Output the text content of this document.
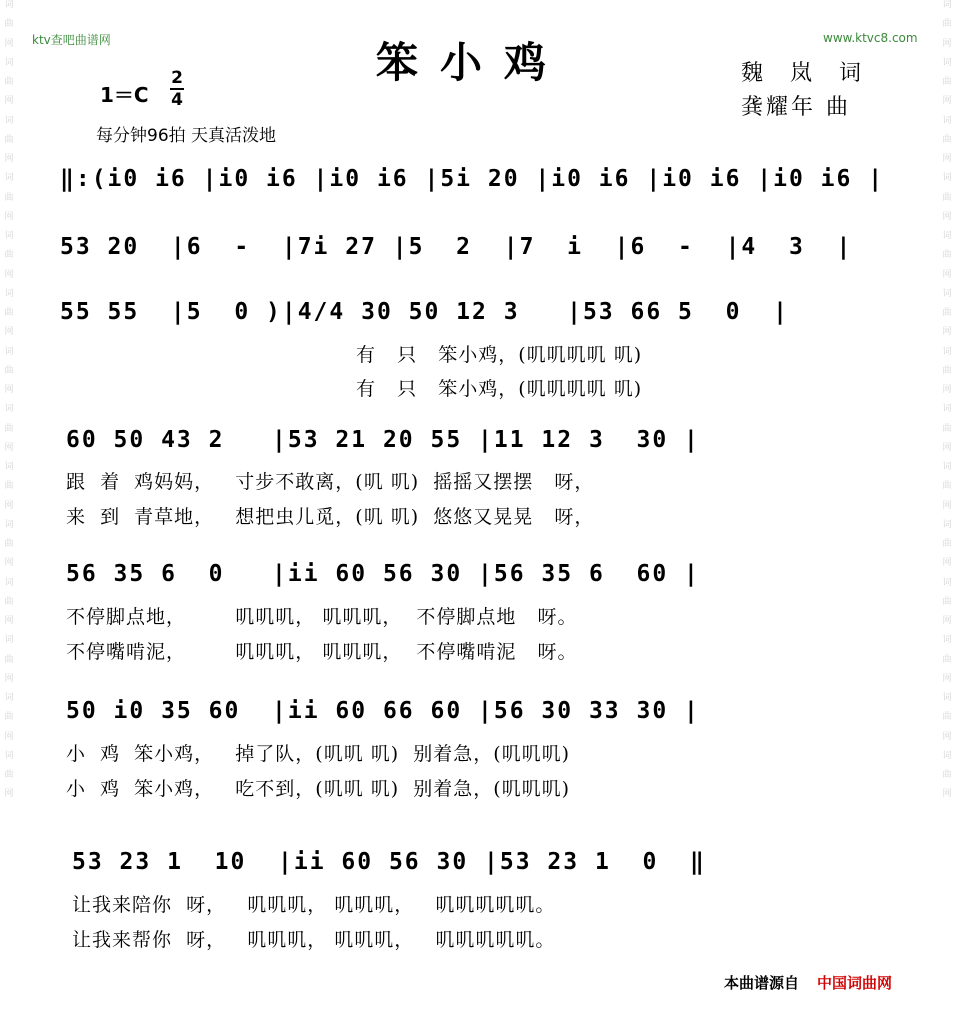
词
曲
网
词
曲
网
词
曲
网
词
曲
网
词
曲
网
词
曲
网
词
曲
网
词
曲
网
词
曲
网
词
曲
网
词
曲
网
词
曲
网
词
曲
网
词
曲
网
词
曲
网
词
曲
网
词
曲
网
词
曲
网
词
曲
网
词
曲
网
词
曲
网
词
曲
网
词
曲
网
词
曲
网
词
曲
网
词
曲
网
词
曲
网
词
曲
网
ktv查吧曲谱网	www.ktvc8.com
笨小鸡	魏 岚 词
龚耀年 曲
1＝C
2
4
每分钟96拍 天真活泼地
‖:(i0 i6 |i0 i6 |i0 i6 |5i 20 |i0 i6 |i0 i6 |i0 i6 |
53 20  |6  -  |7i 27 |5  2  |7  i  |6  -  |4  3  |
55 55  |5  0 )|4/4 30 50 12 3   |53 66 5  0  |
有   只   笨小鸡，(叽叽叽叽 叽)
有   只   笨小鸡，(叽叽叽叽 叽)
60 50 43 2   |53 21 20 55 |11 12 3  30 |
跟  着  鸡妈妈，   寸步不敢离，(叽 叽)  摇摇又摆摆   呀，
来  到  青草地，   想把虫儿觅，(叽 叽)  悠悠又晃晃   呀，
56 35 6  0   |ii 60 56 30 |56 35 6  60 |
不停脚点地，       叽叽叽， 叽叽叽，  不停脚点地   呀。
不停嘴啃泥，       叽叽叽， 叽叽叽，  不停嘴啃泥   呀。
50 i0 35 60  |ii 60 66 60 |56 30 33 30 |
小  鸡  笨小鸡，   掉了队，(叽叽 叽)  别着急，(叽叽叽)
小  鸡  笨小鸡，   吃不到，(叽叽 叽)  别着急，(叽叽叽)
53 23 1  10  |ii 60 56 30 |53 23 1  0  ‖
让我来陪你  呀，   叽叽叽， 叽叽叽，   叽叽叽叽叽。
让我来帮你  呀，   叽叽叽， 叽叽叽，   叽叽叽叽叽。
本曲谱源自 中国词曲网
